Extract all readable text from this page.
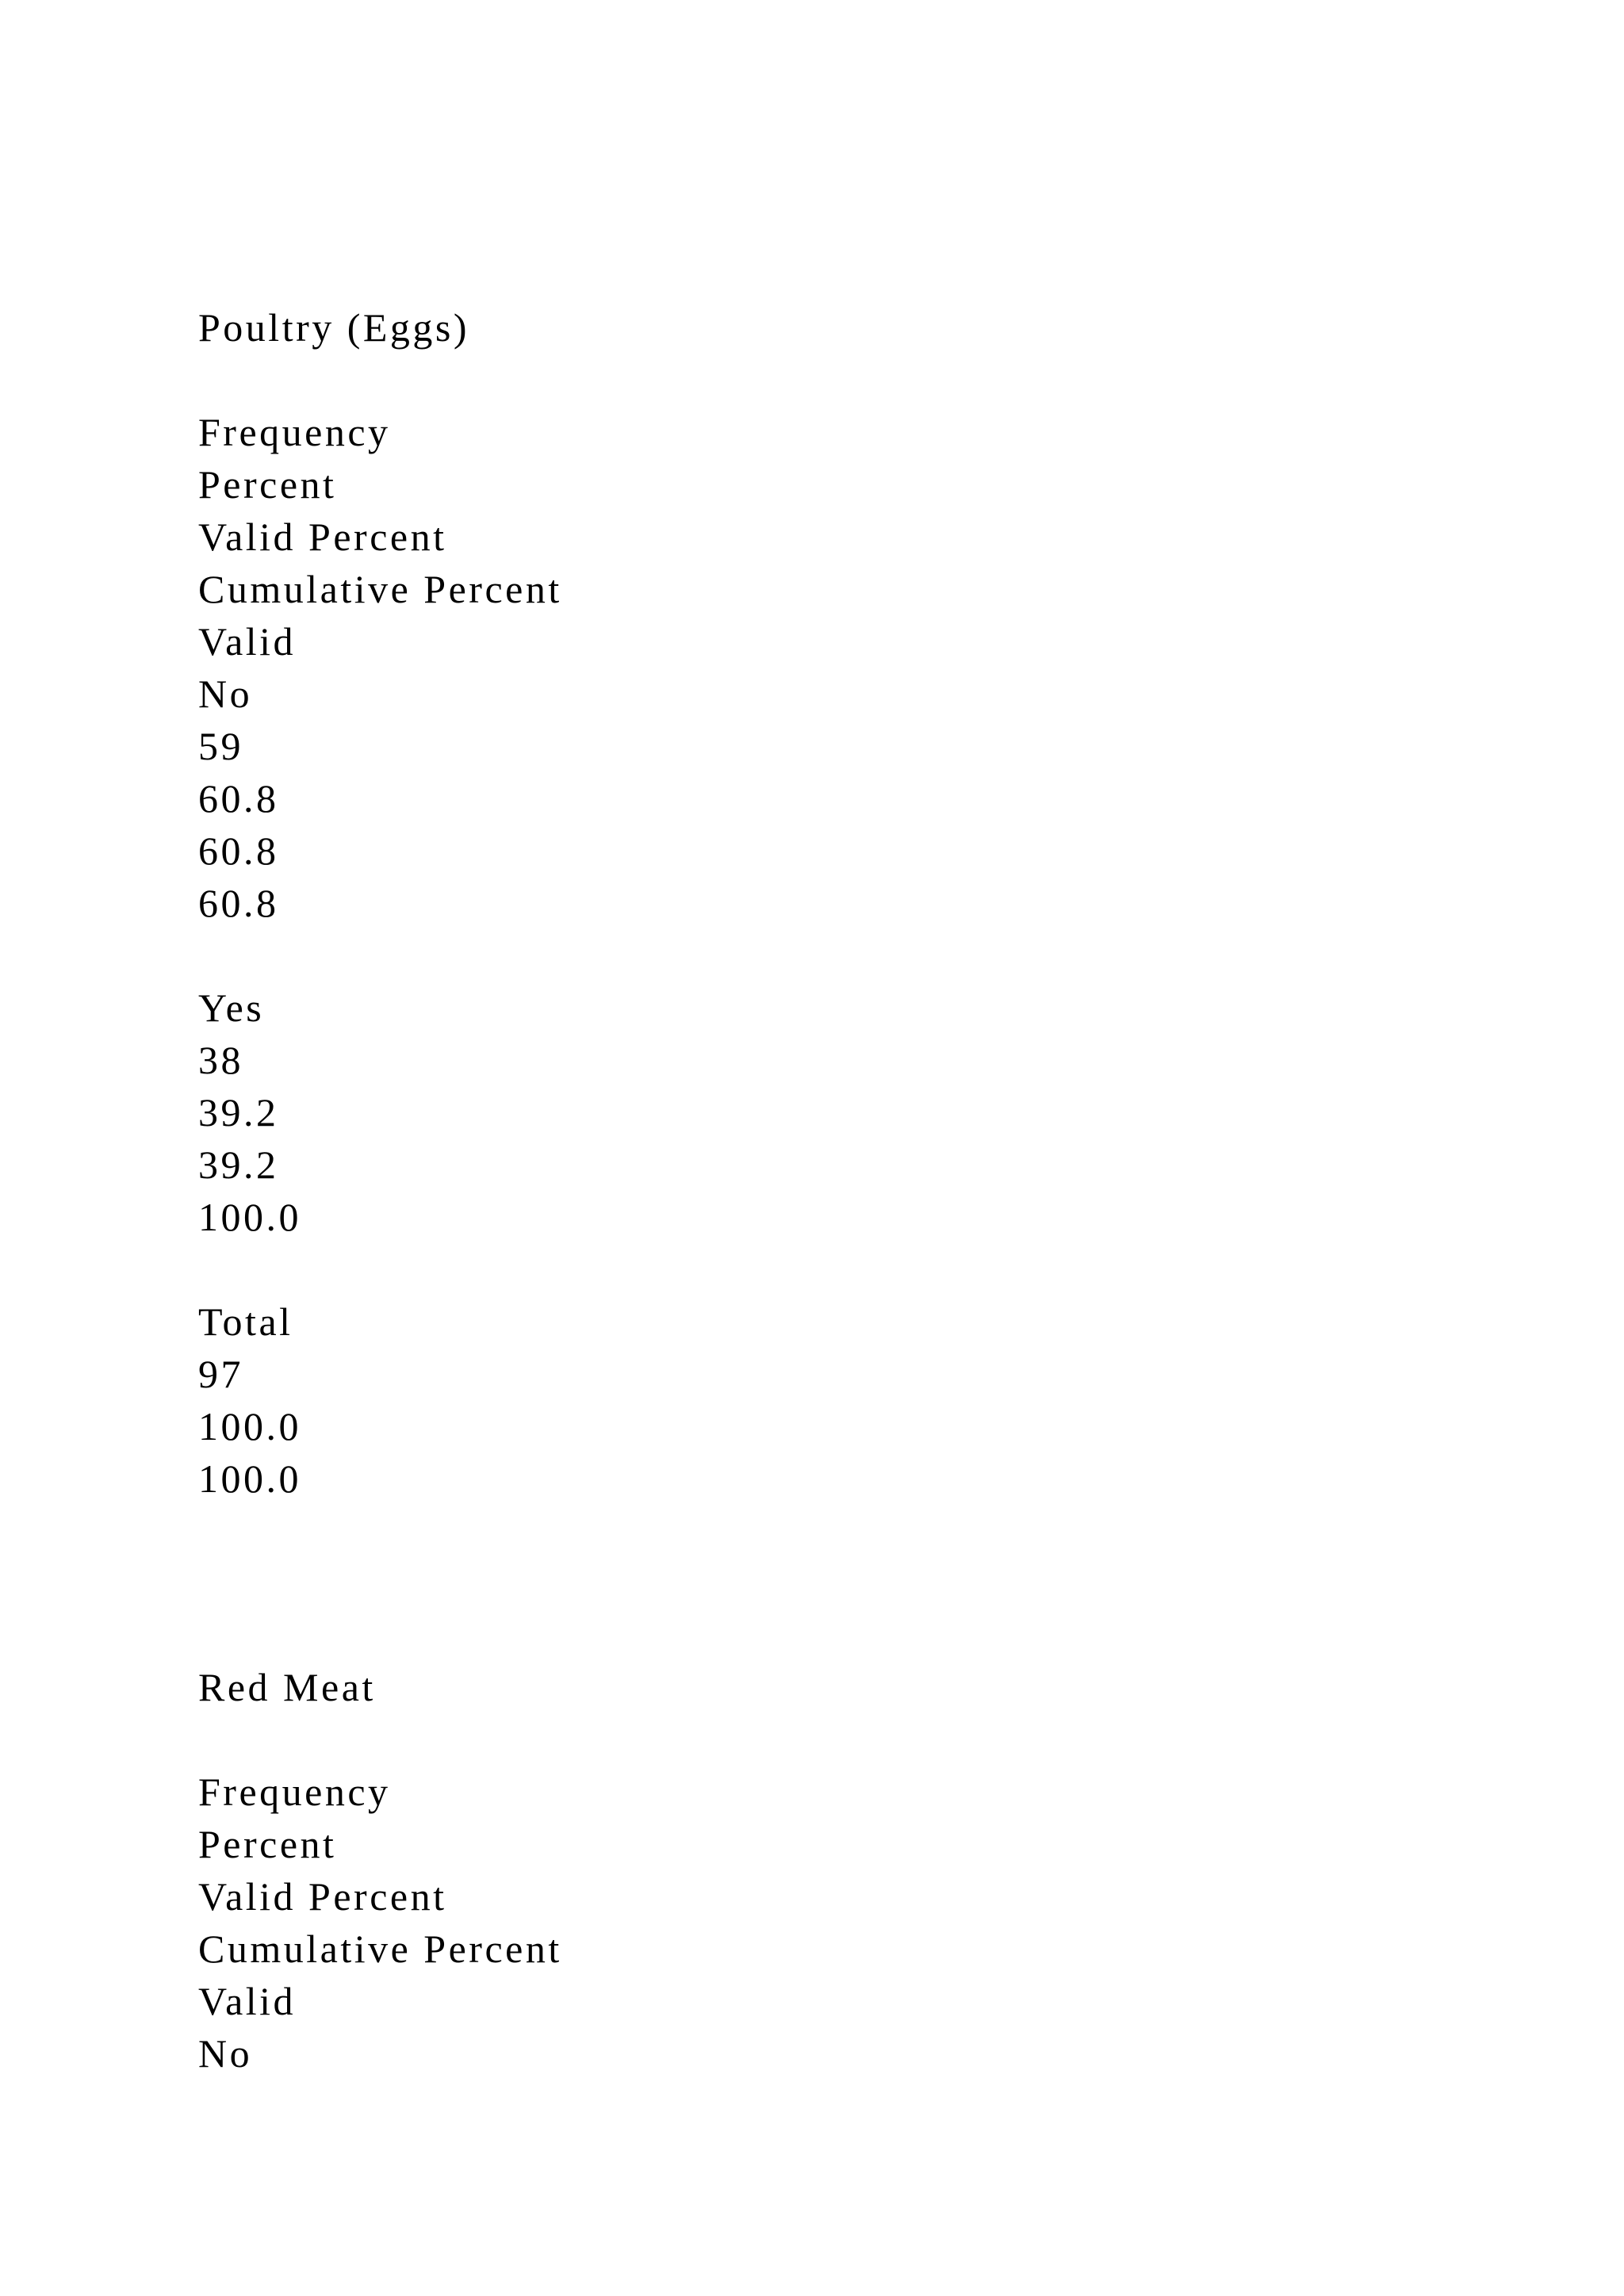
Poultry (Eggs)

Frequency

Percent

Valid Percent

Cumulative Percent

Valid

No

59

60.8

60.8

60.8

Yes

38

39.2

39.2

100.0

Total

97

100.0

100.0

Red Meat

Frequency

Percent

Valid Percent

Cumulative Percent

Valid

No
